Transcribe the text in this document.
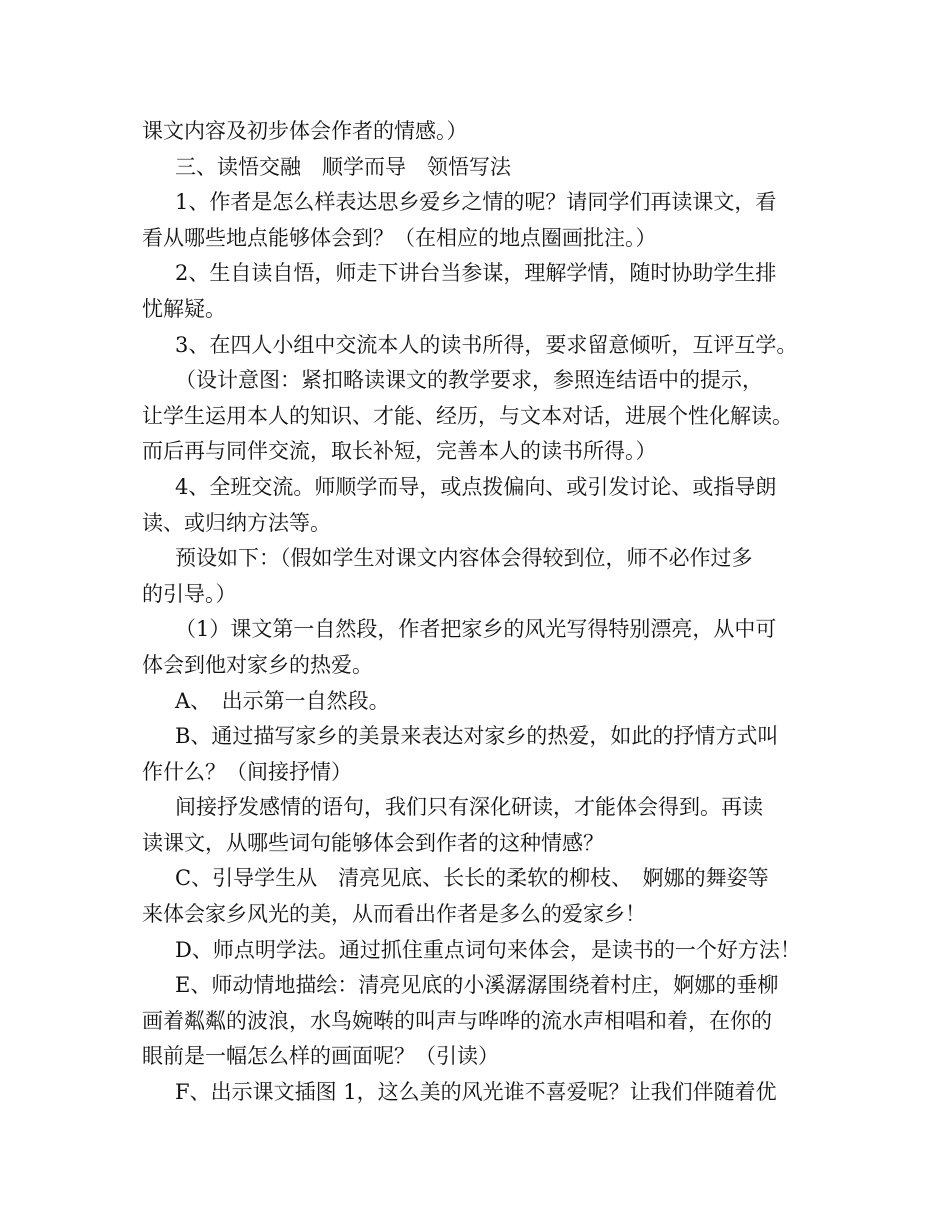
课文内容及初步体会作者的情感。）
三、读悟交融　顺学而导　领悟写法
1、作者是怎么样表达思乡爱乡之情的呢？请同学们再读课文，看
看从哪些地点能够体会到？（在相应的地点圈画批注。）
2、生自读自悟，师走下讲台当参谋，理解学情，随时协助学生排
忧解疑。
3、在四人小组中交流本人的读书所得，要求留意倾听，互评互学。
（设计意图：紧扣略读课文的教学要求，参照连结语中的提示，
让学生运用本人的知识、才能、经历，与文本对话，进展个性化解读。
而后再与同伴交流，取长补短，完善本人的读书所得。）
4、全班交流。师顺学而导，或点拨偏向、或引发讨论、或指导朗
读、或归纳方法等。
预设如下：（假如学生对课文内容体会得较到位，师不必作过多
的引导。）
（1）课文第一自然段，作者把家乡的风光写得特别漂亮，从中可
体会到他对家乡的热爱。
A、　出示第一自然段。
B、通过描写家乡的美景来表达对家乡的热爱，如此的抒情方式叫
作什么？（间接抒情）
间接抒发感情的语句，我们只有深化研读，才能体会得到。再读
读课文，从哪些词句能够体会到作者的这种情感？
C、引导学生从　清亮见底、长长的柔软的柳枝、　婀娜的舞姿等
来体会家乡风光的美，从而看出作者是多么的爱家乡！
D、师点明学法。通过抓住重点词句来体会，是读书的一个好方法！
E、师动情地描绘：清亮见底的小溪潺潺围绕着村庄，婀娜的垂柳
画着粼粼的波浪，水鸟婉啭的叫声与哗哗的流水声相唱和着，在你的
眼前是一幅怎么样的画面呢？（引读）
F、出示课文插图 1，这么美的风光谁不喜爱呢？让我们伴随着优
